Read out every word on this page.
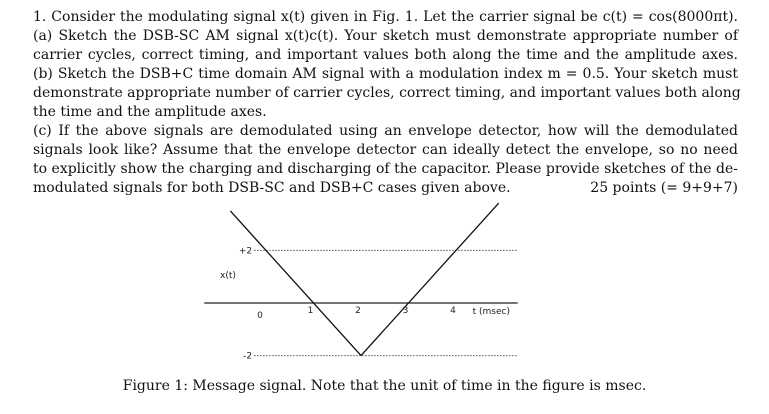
1. Consider the modulating signal x(t) given in Fig. 1. Let the carrier signal be c(t) = cos(8000πt).
(a) Sketch the DSB-SC AM signal x(t)c(t). Your sketch must demonstrate appropriate number of
carrier cycles, correct timing, and important values both along the time and the amplitude axes.
(b) Sketch the DSB+C time domain AM signal with a modulation index m = 0.5. Your sketch must
demonstrate appropriate number of carrier cycles, correct timing, and important values both along
the time and the amplitude axes.
(c) If the above signals are demodulated using an envelope detector, how will the demodulated
signals look like? Assume that the envelope detector can ideally detect the envelope, so no need
to explicitly show the charging and discharging of the capacitor. Please provide sketches of the de-
modulated signals for both DSB-SC and DSB+C cases given above.	25 points (= 9+9+7)
0	1	2	3	4
+2
-2
t (msec)
x(t)
Figure 1: Message signal. Note that the unit of time in the figure is msec.
